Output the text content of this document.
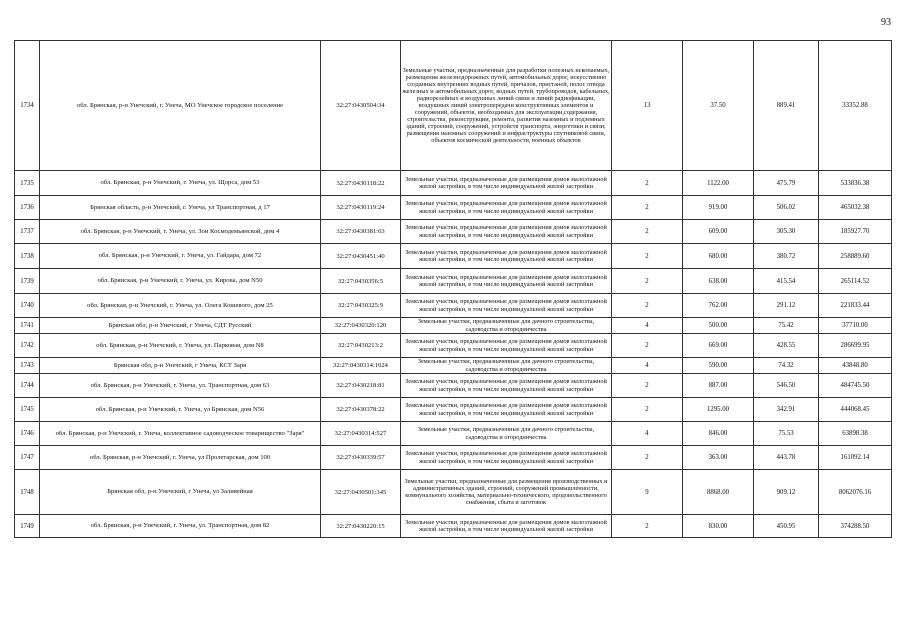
93
1734	обл. Брянская, р-н Унечский, г. Унеча, МО Унечское городское поселение	32:27:0430504:34	Земельные участки, предназначенные для разработки полезных ископаемых, размещения железнодорожных путей, автомобильных дорог, искусственно созданных внутренних водных путей, причалов, пристаней, полос отвода железных и автомобильных дорог, водных путей, трубопроводов, кабельных, радиорелейных и воздушных линий связи и линий радиофикации, воздушных линий электропередачи конструктивных элементов и сооружений, объектов, необходимых для эксплуатации,содержания, строительства, реконструкции, ремонта, развития наземных и подземных зданий, строений, сооружений, устройств транспорта, энергетики и связи; размещения наземных сооружений и инфраструктуры спутниковой связи, объектов космической деятельности, военных объектов	13	37.50	889.41	33352.88
1735	обл. Брянская, р-н Унечский, г. Унеча, ул. Щорса, дом 53	32:27:0430118:22	Земельные участки, предназначенные для размещения домов малоэтажной жилой застройки, в том числе индивидуальной жилой застройки	2	1122.00	475.79	533836.38
1736	Брянская область, р-н Унечский, г. Унеча, ул Транспортная, д 17	32:27:0430119:24	Земельные участки, предназначенные для размещения домов малоэтажной жилой застройки, в том числе индивидуальной жилой застройки	2	919.00	506.02	465032.38
1737	обл. Брянская, р-н Унечский, г. Унеча, ул. Зои Космодемьянской, дом 4	32:27:0430381:63	Земельные участки, предназначенные для размещения домов малоэтажной жилой застройки, в том числе индивидуальной жилой застройки	2	609.00	305.30	185927.70
1738	обл. Брянская, р-н Унечский, г. Унеча, ул. Гайдара, дом 72	32:27:0430451:40	Земельные участки, предназначенные для размещения домов малоэтажной жилой застройки, в том числе индивидуальной жилой застройки	2	680.00	380.72	258889.60
1739	обл. Брянская, р-н Унечский, г. Унеча, ул. Кирова, дом N50	32:27:0430356:5	Земельные участки, предназначенные для размещения домов малоэтажной жилой застройки, в том числе индивидуальной жилой застройки	2	638.00	415.54	265114.52
1740	обл. Брянская, р-н Унечский, г. Унеча, ул. Олега Кошевого, дом 25	32:27:0430325:9	Земельные участки, предназначенные для размещения домов малоэтажной жилой застройки, в том числе индивидуальной жилой застройки	2	762.00	291.12	221833.44
1741	Брянская обл, р-н Унечский, г Унеча, СДТ Русский	32:27:0430320:120	Земельные участки, предназначенные для дачного строительства, садоводства и огородничества	4	500.00	75.42	37710.00
1742	обл. Брянская, р-н Унечский, г. Унеча, ул. Парковая, дом N8	32:27:0430213:2	Земельные участки, предназначенные для размещения домов малоэтажной жилой застройки, в том числе индивидуальной жилой застройки	2	669.00	428.55	286699.95
1743	Брянская обл, р-н Унечский, г Унеча, КСТ Заря	32:27:0430314:1024	Земельные участки, предназначенные для дачного строительства, садоводства и огородничества	4	590.00	74.32	43848.80
1744	обл. Брянская, р-н Унечский, г. Унеча, ул. Транспортная, дом 63	32:27:0430218:81	Земельные участки, предназначенные для размещения домов малоэтажной жилой застройки, в том числе индивидуальной жилой застройки	2	887.00	546.50	484745.50
1745	обл. Брянская, р-н Унечский, г. Унеча, ул Брянская, дом N56	32:27:0430378:22	Земельные участки, предназначенные для размещения домов малоэтажной жилой застройки, в том числе индивидуальной жилой застройки	2	1295.00	342.91	444068.45
1746	обл. Брянская, р-н Унечский, г. Унеча, коллективное садоводческое товарищество "Заря"	32:27:0430314:527	Земельные участки, предназначенные для дачного строительства, садоводства и огородничества	4	846.00	75.53	63898.38
1747	обл. Брянская, р-н Унечский, г. Унеча, ул Пролетарская, дом 100	32:27:0430339:57	Земельные участки, предназначенные для размещения домов малоэтажной жилой застройки, в том числе индивидуальной жилой застройки	2	363.00	443.78	161092.14
1748	Брянская обл, р-н Унечский, г Унеча, ул Заливейная	32:27:0430501:345	Земельные участки, предназначенные для размещения производственных и административных зданий, строений, сооружений промышленности, коммунального хозяйства, материально-технического, продовольственного снабжения, сбыта и заготовок	9	8868.00	909.12	8062076.16
1749	обл. Брянская, р-н Унечский, г. Унеча, ул. Транспортная, дом 82	32:27:0430220:15	Земельные участки, предназначенные для размещения домов малоэтажной жилой застройки, в том числе индивидуальной жилой застройки	2	830.00	450.95	374288.50
